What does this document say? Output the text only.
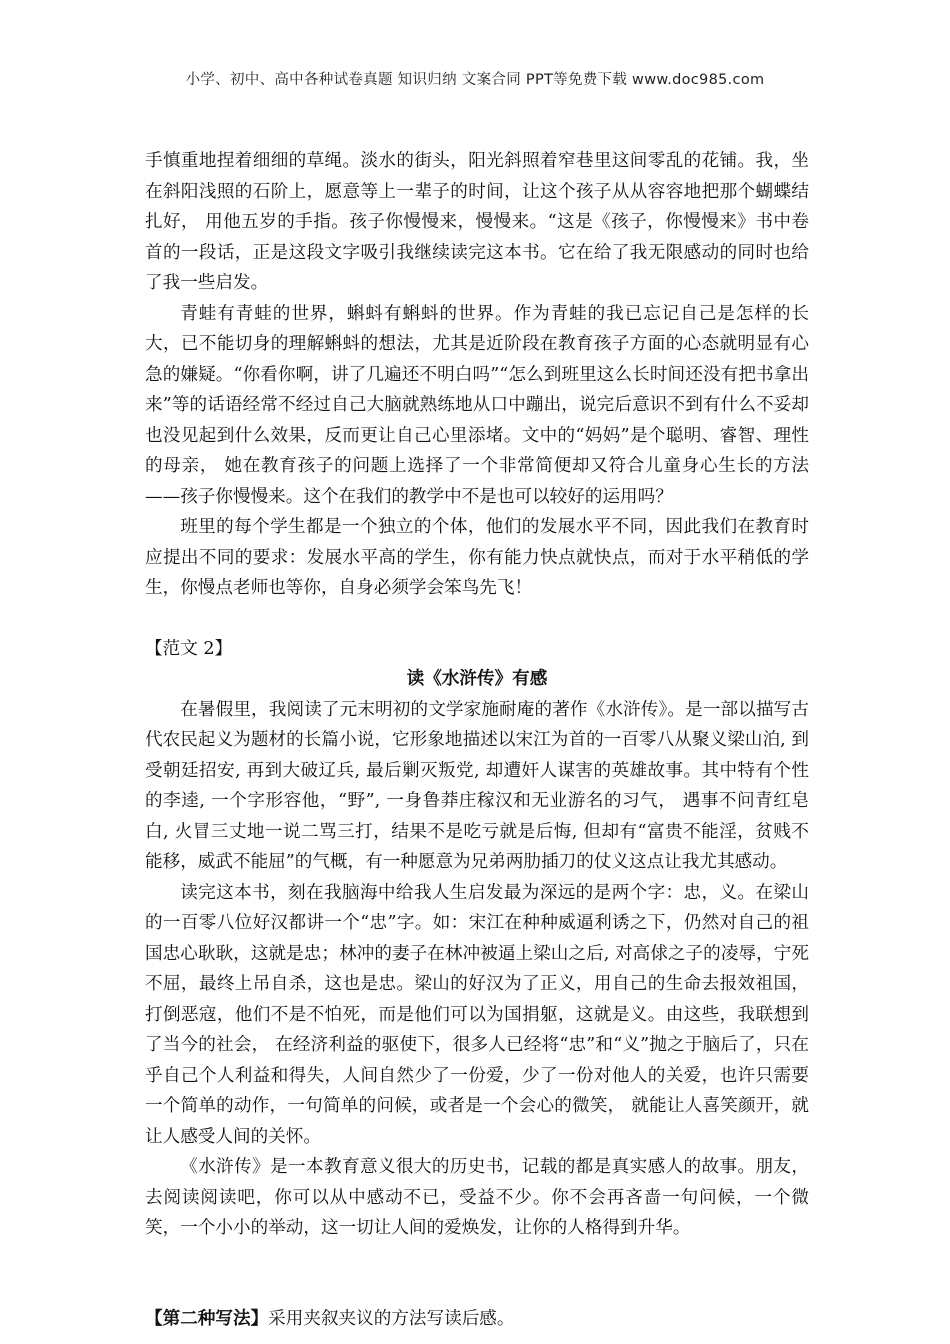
小学、初中、高中各种试卷真题 知识归纳 文案合同 PPT等免费下载 www.doc985.com

手慎重地捏着细细的草绳。淡水的街头，阳光斜照着窄巷里这间零乱的花铺。我，坐在斜阳浅照的石阶上，愿意等上一辈子的时间，让这个孩子从从容容地把那个蝴蝶结扎好， 用他五岁的手指。孩子你慢慢来，慢慢来。“这是《孩子，你慢慢来》书中卷首的一段话，正是这段文字吸引我继续读完这本书。它在给了我无限感动的同时也给了我一些启发。

青蛙有青蛙的世界，蝌蚪有蝌蚪的世界。作为青蛙的我已忘记自己是怎样的长大，已不能切身的理解蝌蚪的想法，尤其是近阶段在教育孩子方面的心态就明显有心急的嫌疑。“你看你啊，讲了几遍还不明白吗”“怎么到班里这么长时间还没有把书拿出来”等的话语经常不经过自己大脑就熟练地从口中蹦出，说完后意识不到有什么不妥却也没见起到什么效果，反而更让自己心里添堵。文中的“妈妈”是个聪明、睿智、理性的母亲， 她在教育孩子的问题上选择了一个非常简便却又符合儿童身心生长的方法——孩子你慢慢来。这个在我们的教学中不是也可以较好的运用吗？

班里的每个学生都是一个独立的个体，他们的发展水平不同，因此我们在教育时应提出不同的要求：发展水平高的学生，你有能力快点就快点，而对于水平稍低的学生，你慢点老师也等你，自身必须学会笨鸟先飞！

【范文 2】

读《水浒传》有感

在暑假里，我阅读了元末明初的文学家施耐庵的著作《水浒传》。是一部以描写古代农民起义为题材的长篇小说，它形象地描述以宋江为首的一百零八从聚义梁山泊, 到受朝廷招安, 再到大破辽兵, 最后剿灭叛党, 却遭奸人谋害的英雄故事。其中特有个性的李逵, 一个字形容他，“野”, 一身鲁莽庄稼汉和无业游名的习气， 遇事不问青红皂白, 火冒三丈地一说二骂三打，结果不是吃亏就是后悔, 但却有“富贵不能淫，贫贱不能移，威武不能屈”的气概，有一种愿意为兄弟两肋插刀的仗义这点让我尤其感动。

读完这本书，刻在我脑海中给我人生启发最为深远的是两个字：忠，义。在梁山的一百零八位好汉都讲一个“忠”字。如：宋江在种种威逼利诱之下，仍然对自己的祖国忠心耿耿，这就是忠；林冲的妻子在林冲被逼上梁山之后, 对高俅之子的凌辱，宁死不屈，最终上吊自杀，这也是忠。梁山的好汉为了正义，用自己的生命去报效祖国，打倒恶寇，他们不是不怕死，而是他们可以为国捐躯，这就是义。由这些，我联想到了当今的社会， 在经济利益的驱使下，很多人已经将“忠”和“义”抛之于脑后了，只在乎自己个人利益和得失，人间自然少了一份爱，少了一份对他人的关爱，也许只需要一个简单的动作，一句简单的问候，或者是一个会心的微笑， 就能让人喜笑颜开，就让人感受人间的关怀。

《水浒传》是一本教育意义很大的历史书，记载的都是真实感人的故事。朋友，去阅读阅读吧，你可以从中感动不已，受益不少。你不会再吝啬一句问候，一个微笑，一个小小的举动，这一切让人间的爱焕发，让你的人格得到升华。

【第二种写法】采用夹叙夹议的方法写读后感。
